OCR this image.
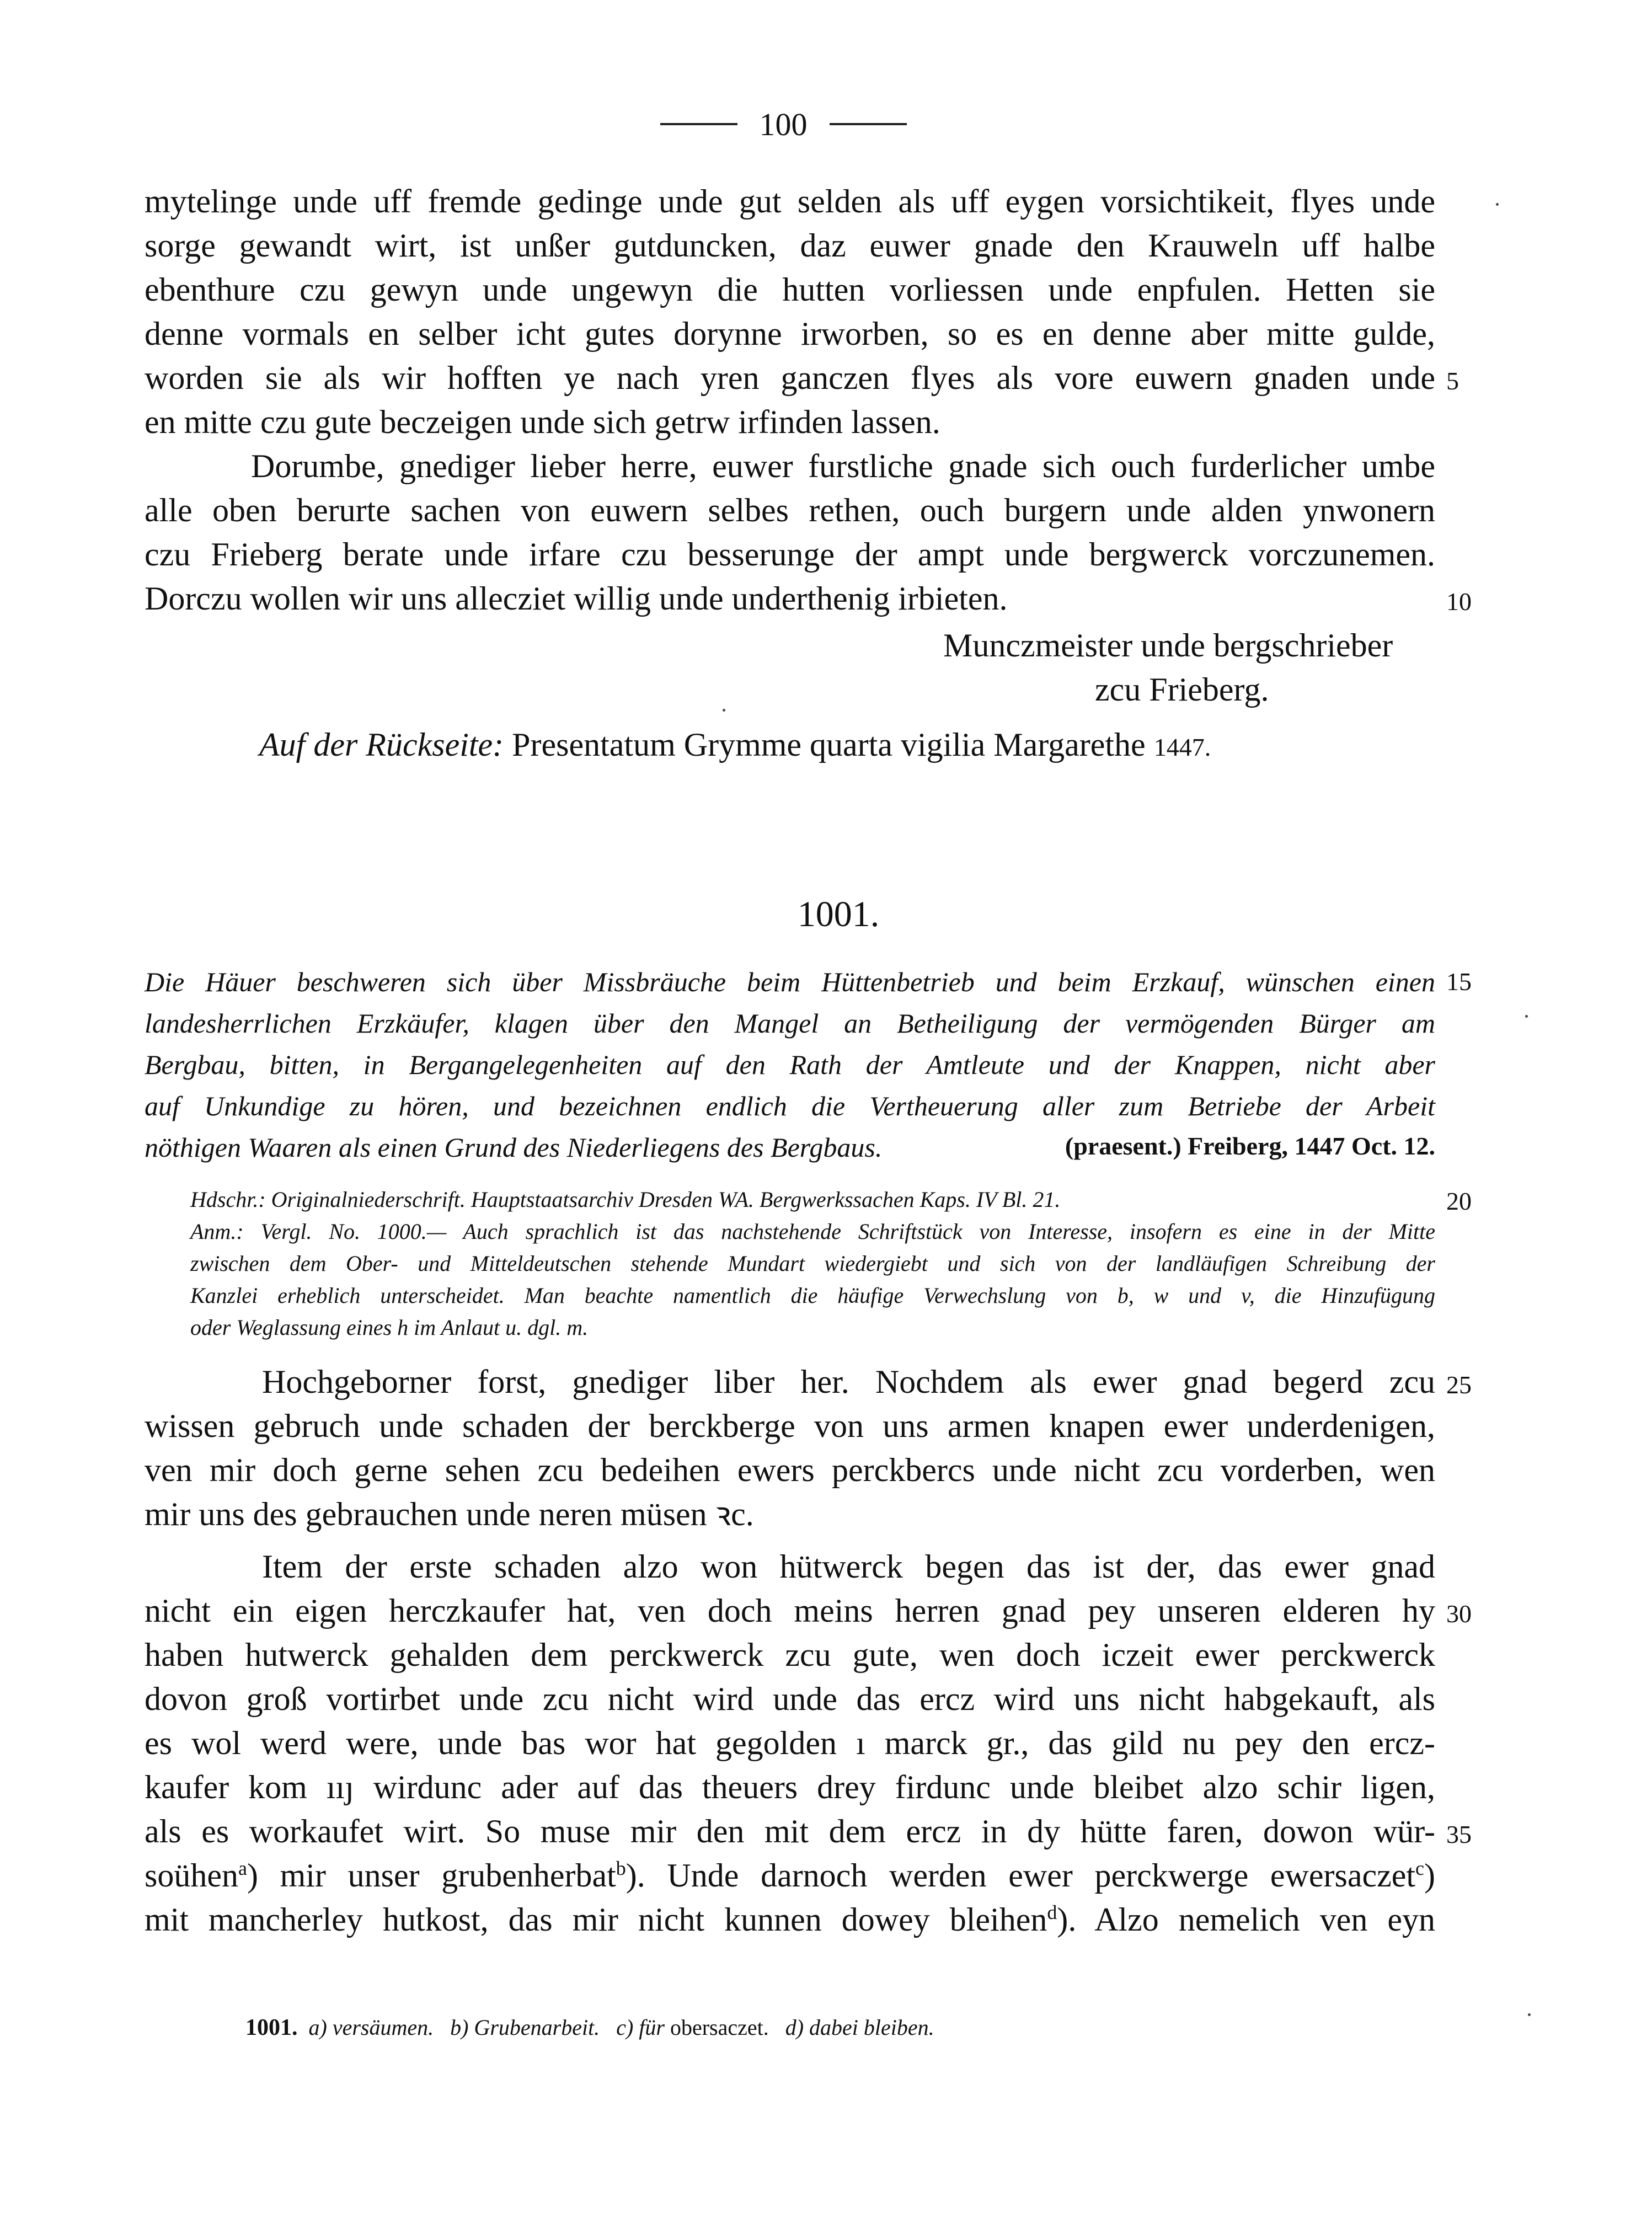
100
mytelinge unde uff fremde gedinge unde gut selden als uff eygen vorsichtikeit, flyes unde
sorge gewandt wirt, ist unßer gutduncken, daz euwer gnade den Krauweln uff halbe
ebenthure czu gewyn unde ungewyn die hutten vorliessen unde enpfulen. Hetten sie
denne vormals en selber icht gutes dorynne irworben, so es en denne aber mitte gulde,
worden sie als wir hofften ye nach yren ganczen flyes als vore euwern gnaden unde
en mitte czu gute beczeigen unde sich getrw irfinden lassen.
Dorumbe, gnediger lieber herre, euwer furstliche gnade sich ouch furderlicher umbe
alle oben berurte sachen von euwern selbes rethen, ouch burgern unde alden ynwonern
czu Frieberg berate unde irfare czu besserunge der ampt unde bergwerck vorczunemen.
Dorczu wollen wir uns allecziet willig unde underthenig irbieten.
Munczmeister unde bergschrieber
zcu Frieberg.
Auf der Rückseite: Presentatum Grymme quarta vigilia Margarethe 1447.
1001.
Die Häuer beschweren sich über Missbräuche beim Hüttenbetrieb und beim Erzkauf, wünschen einen
landesherrlichen Erzkäufer, klagen über den Mangel an Betheiligung der vermögenden Bürger am
Bergbau, bitten, in Bergangelegenheiten auf den Rath der Amtleute und der Knappen, nicht aber
auf Unkundige zu hören, und bezeichnen endlich die Vertheuerung aller zum Betriebe der Arbeit
nöthigen Waaren als einen Grund des Niederliegens des Bergbaus.	(praesent.) Freiberg, 1447 Oct. 12.
Hdschr.: Originalniederschrift. Hauptstaatsarchiv Dresden WA. Bergwerkssachen Kaps. IV Bl. 21.
Anm.: Vergl. No. 1000.— Auch sprachlich ist das nachstehende Schriftstück von Interesse, insofern es eine in der Mitte
zwischen dem Ober- und Mitteldeutschen stehende Mundart wiedergiebt und sich von der landläufigen Schreibung der
Kanzlei erheblich unterscheidet. Man beachte namentlich die häufige Verwechslung von b, w und v, die Hinzufügung
oder Weglassung eines h im Anlaut u. dgl. m.
Hochgeborner forst, gnediger liber her. Nochdem als ewer gnad begerd zcu
wissen gebruch unde schaden der berckberge von uns armen knapen ewer underdenigen,
ven mir doch gerne sehen zcu bedeihen ewers perckbercs unde nicht zcu vorderben, wen
mir uns des gebrauchen unde neren müsen ꝛc.
Item der erste schaden alzo won hütwerck begen das ist der, das ewer gnad
nicht ein eigen herczkaufer hat, ven doch meins herren gnad pey unseren elderen hy
haben hutwerck gehalden dem perckwerck zcu gute, wen doch iczeit ewer perckwerck
dovon groß vortirbet unde zcu nicht wird unde das ercz wird uns nicht habgekauft, als
es wol werd were, unde bas wor hat gegolden ı marck gr., das gild nu pey den ercz-
kaufer kom ııȷ wirdunc ader auf das theuers drey firdunc unde bleibet alzo schir ligen,
als es workaufet wirt. So muse mir den mit dem ercz in dy hütte faren, dowon wür-
soühen$^a$) mir unser grubenherbat$^b$). Unde darnoch werden ewer perckwerge ewersaczet$^c$)
mit mancherley hutkost, das mir nicht kunnen dowey bleihen$^d$). Alzo nemelich ven eyn
5
10
15
20
25
30
35
1001. a) versäumen. b) Grubenarbeit. c) für obersaczet. d) dabei bleiben.
